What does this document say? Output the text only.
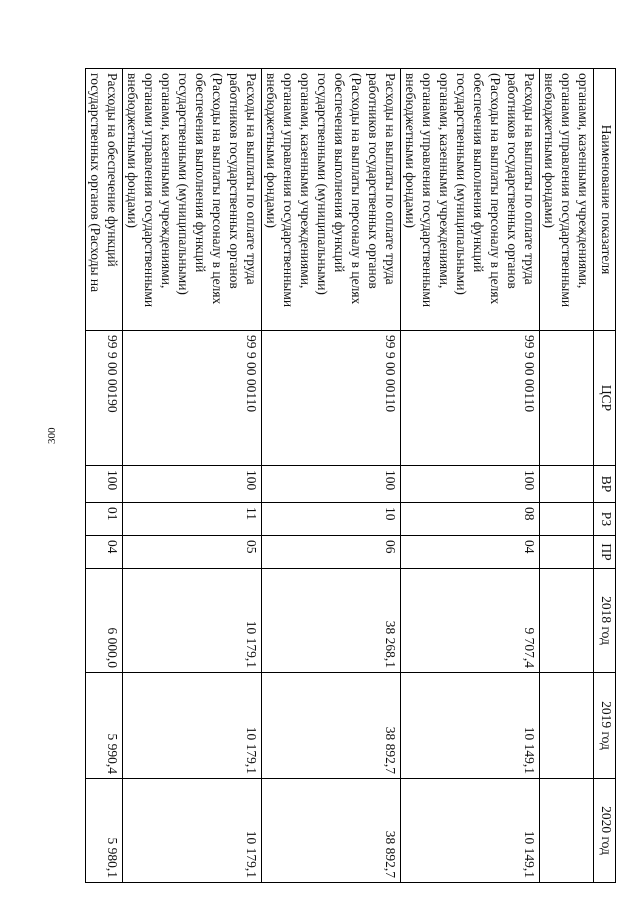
300
Наименование показателя	ЦСР	ВР	РЗ	ПР	2018 год	2019 год	2020 год
органами, казенными учреждениями, органами управления государственными внебюджетными фондами)							
Расходы на выплаты по оплате труда работников государственных органов (Расходы на выплаты персоналу в целях обеспечения выполнения функций государственными (муниципальными) органами, казенными учреждениями, органами управления государственными внебюджетными фондами)	99 9 00 00110	100	08	04	9 707,4	10 149,1	10 149,1
Расходы на выплаты по оплате труда работников государственных органов (Расходы на выплаты персоналу в целях обеспечения выполнения функций государственными (муниципальными) органами, казенными учреждениями, органами управления государственными внебюджетными фондами)	99 9 00 00110	100	10	06	38 268,1	38 892,7	38 892,7
Расходы на выплаты по оплате труда работников государственных органов (Расходы на выплаты персоналу в целях обеспечения выполнения функций государственными (муниципальными) органами, казенными учреждениями, органами управления государственными внебюджетными фондами)	99 9 00 00110	100	11	05	10 179,1	10 179,1	10 179,1
Расходы на обеспечение функций государственных органов (Расходы на	99 9 00 00190	100	01	04	6 000,0	5 990,4	5 980,1
